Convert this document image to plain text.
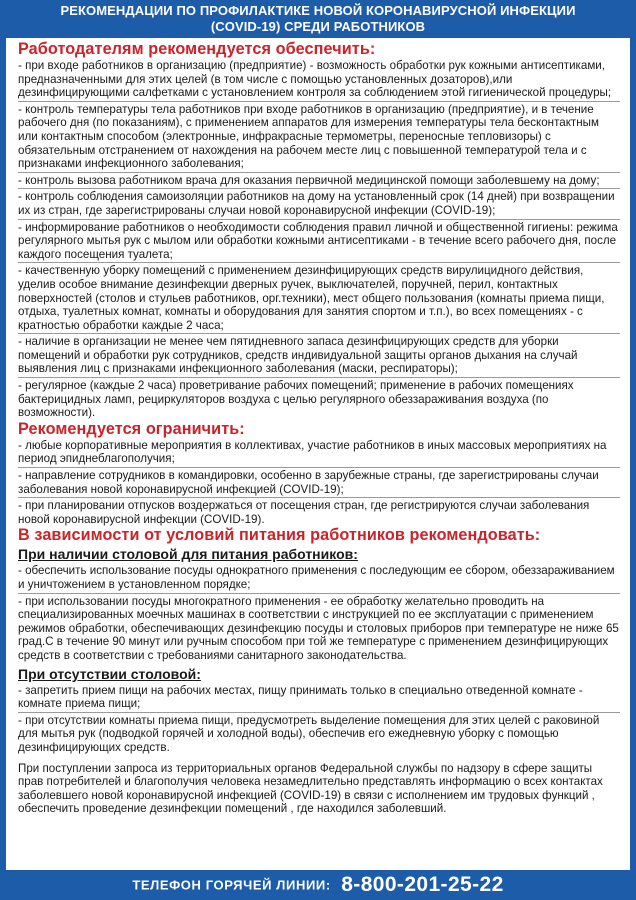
РЕКОМЕНДАЦИИ ПО ПРОФИЛАКТИКЕ НОВОЙ КОРОНАВИРУСНОЙ ИНФЕКЦИИ
(COVID-19) СРЕДИ РАБОТНИКОВ
Работодателям рекомендуется обеспечить:
- при входе работников в организацию (предприятие) - возможность обработки рук кожными антисептиками, предназначенными для этих целей (в том числе с помощью установленных дозаторов),или дезинфицирующими салфетками с установлением контроля за соблюдением этой гигиенической процедуры;
- контроль температуры тела работников при входе работников в организацию (предприятие), и в течение рабочего дня (по показаниям), с применением аппаратов для измерения температуры тела бесконтактным или контактным способом (электронные, инфракрасные термометры, переносные тепловизоры) с обязательным отстранением от нахождения на рабочем месте лиц с повышенной температурой тела и с признаками инфекционного заболевания;
- контроль вызова работником врача для оказания первичной медицинской помощи заболевшему на дому;
- контроль соблюдения самоизоляции работников на дому на установленный срок (14 дней) при возвращении их из стран, где зарегистрированы случаи новой коронавирусной инфекции (COVID-19);
- информирование работников о необходимости соблюдения правил личной и общественной гигиены: режима регулярного мытья рук с мылом или обработки кожными антисептиками - в течение всего рабочего дня, после каждого посещения туалета;
- качественную уборку помещений с применением дезинфицирующих средств вирулицидного действия, уделив особое внимание дезинфекции дверных ручек, выключателей, поручней, перил, контактных поверхностей (столов и стульев работников, орг.техники), мест общего пользования (комнаты приема пищи, отдыха, туалетных комнат, комнаты и оборудования для занятия спортом и т.п.), во всех помещениях - с кратностью обработки каждые 2 часа;
- наличие в организации не менее чем пятидневного запаса дезинфицирующих средств для уборки помещений и обработки рук сотрудников, средств индивидуальной защиты органов дыхания на случай выявления лиц с признаками инфекционного заболевания (маски, респираторы);
- регулярное (каждые 2 часа) проветривание рабочих помещений; применение в рабочих помещениях бактерицидных ламп, рециркуляторов воздуха с целью регулярного обеззараживания воздуха (по возможности).
Рекомендуется ограничить:
- любые корпоративные мероприятия в коллективах, участие работников в иных массовых мероприятиях на период эпиднеблагополучия;
- направление сотрудников в командировки, особенно в зарубежные страны, где зарегистрированы случаи заболевания новой коронавирусной инфекцией (COVID-19);
- при планировании отпусков воздержаться от посещения стран, где регистрируются случаи заболевания новой коронавирусной инфекции (COVID-19).
В зависимости от условий питания работников рекомендовать:
При наличии столовой для питания работников:
- обеспечить использование посуды однократного применения с последующим ее сбором, обеззараживанием и уничтожением в установленном порядке;
- при использовании посуды многократного применения - ее обработку желательно проводить на специализированных моечных машинах в соответствии с инструкцией по ее эксплуатации с применением режимов обработки, обеспечивающих дезинфекцию посуды и столовых приборов при температуре не ниже 65 град.С в течение 90 минут или ручным способом при той же температуре с применением дезинфицирующих средств в соответствии с требованиями санитарного законодательства.
При отсутствии столовой:
- запретить прием пищи на рабочих местах, пищу принимать только в специально отведенной комнате - комнате приема пищи;
- при отсутствии комнаты приема пищи, предусмотреть выделение помещения для этих целей с раковиной для мытья рук (подводкой горячей и холодной воды), обеспечив его ежедневную уборку с помощью дезинфицирующих средств.

При поступлении запроса из территориальных органов Федеральной службы по надзору в сфере защиты прав потребителей и благополучия человека незамедлительно представлять информацию о всех контактах заболевшего новой коронавирусной инфекцией (COVID-19) в связи с исполнением им трудовых функций , обеспечить проведение дезинфекции помещений , где находился заболевший.

ТЕЛЕФОН ГОРЯЧЕЙ ЛИНИИ: 8-800-201-25-22
